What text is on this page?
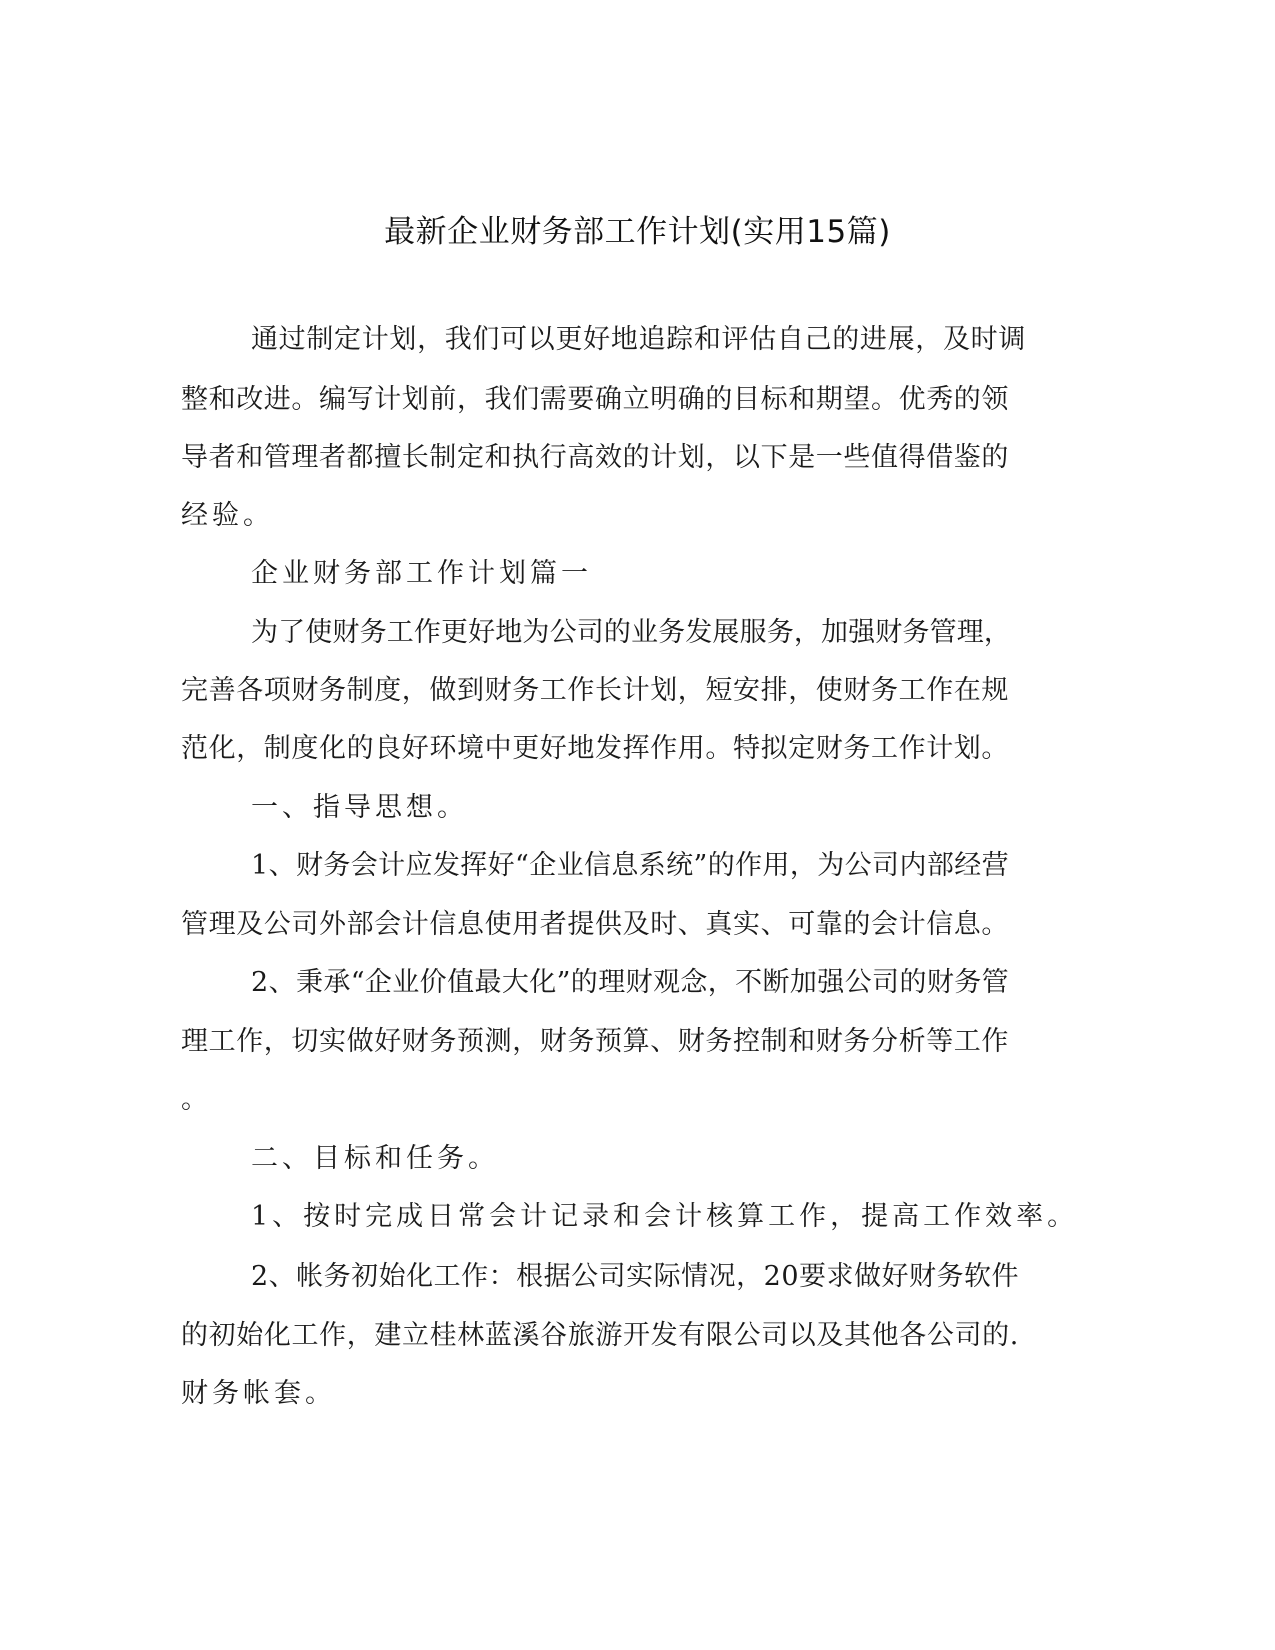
最新企业财务部工作计划(实用15篇)
通过制定计划，我们可以更好地追踪和评估自己的进展，及时调
整和改进。编写计划前，我们需要确立明确的目标和期望。优秀的领
导者和管理者都擅长制定和执行高效的计划，以下是一些值得借鉴的
经验。
企业财务部工作计划篇一
为了使财务工作更好地为公司的业务发展服务，加强财务管理，
完善各项财务制度，做到财务工作长计划，短安排，使财务工作在规
范化，制度化的良好环境中更好地发挥作用。特拟定财务工作计划。
一、指导思想。
1、财务会计应发挥好“企业信息系统”的作用，为公司内部经营
管理及公司外部会计信息使用者提供及时、真实、可靠的会计信息。
2、秉承“企业价值最大化”的理财观念，不断加强公司的财务管
理工作，切实做好财务预测，财务预算、财务控制和财务分析等工作
。
二、目标和任务。
1、按时完成日常会计记录和会计核算工作，提高工作效率。
2、帐务初始化工作：根据公司实际情况，20要求做好财务软件
的初始化工作，建立桂林蓝溪谷旅游开发有限公司以及其他各公司的.
财务帐套。
